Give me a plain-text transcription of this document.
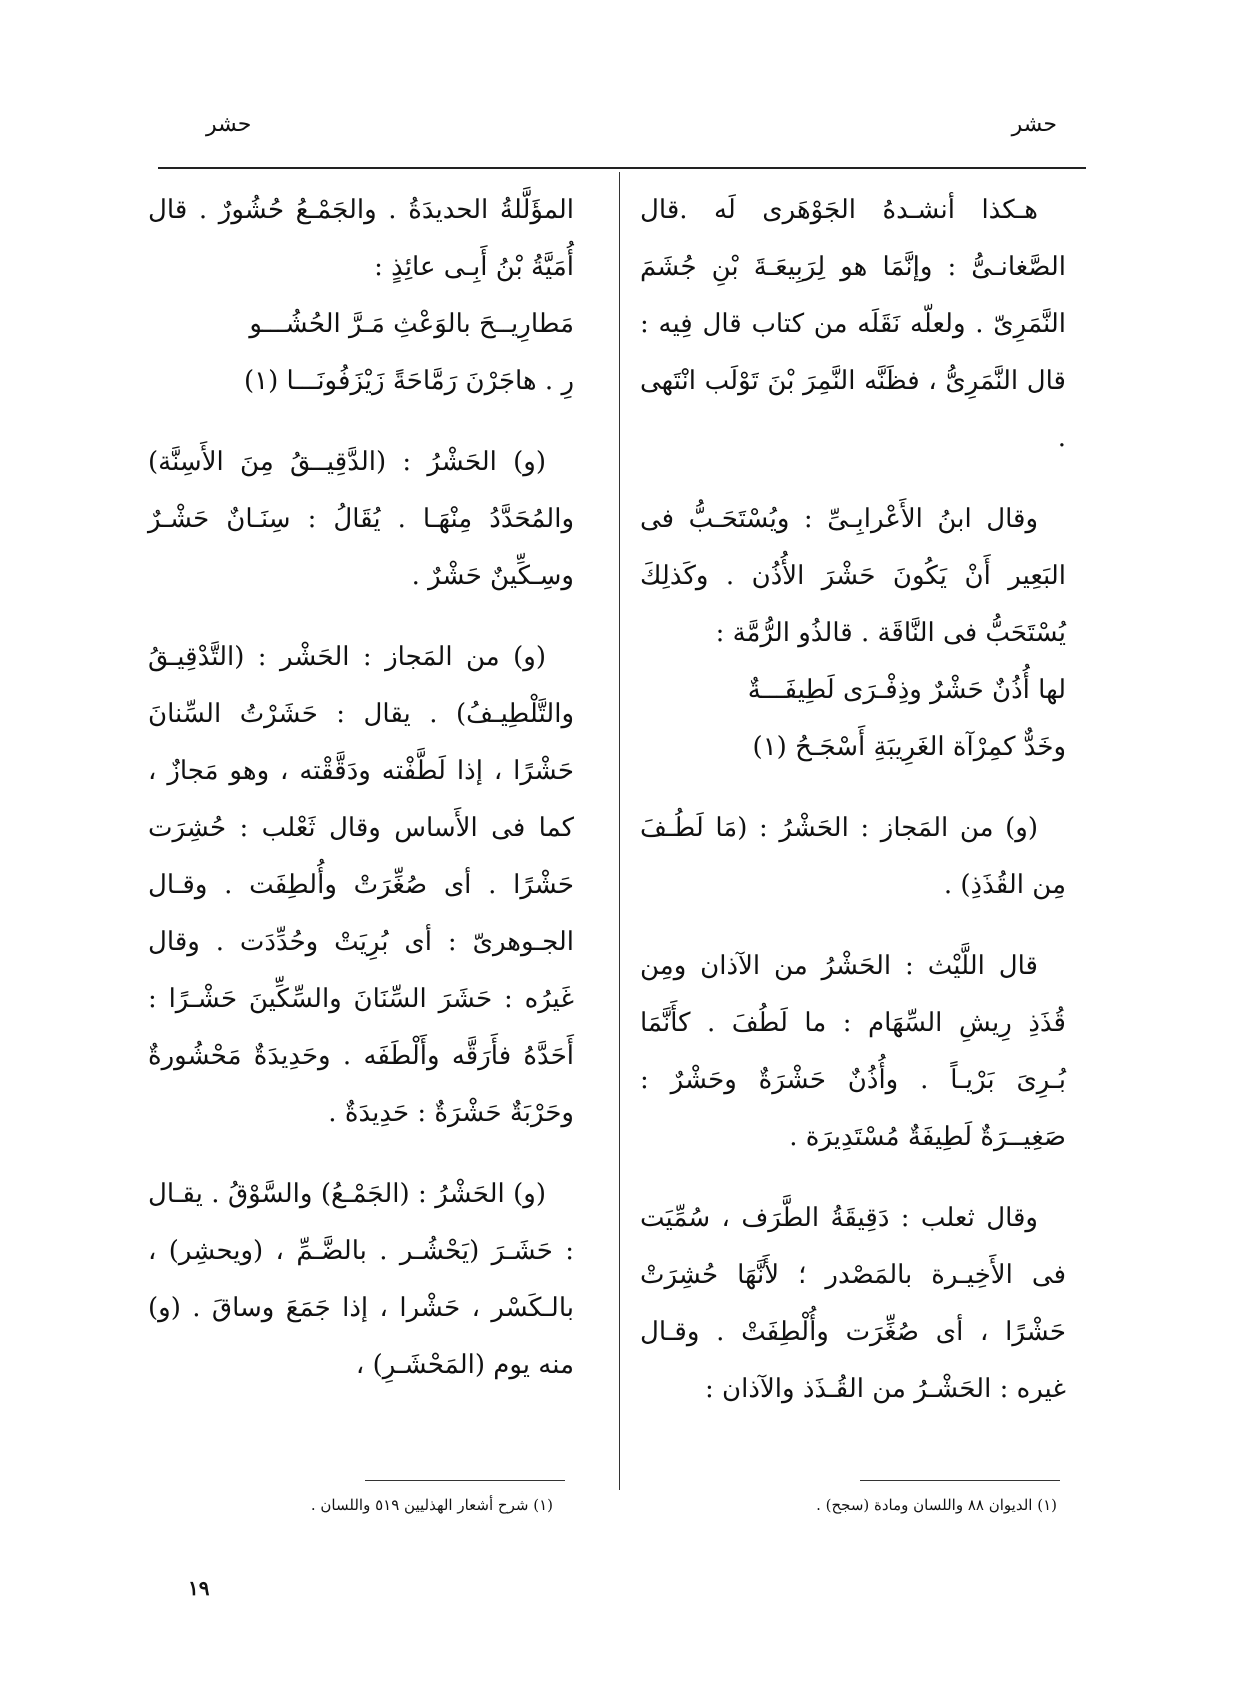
حشر
حشر

هـكذا أنشـدهُ الجَوْهَرى لَه .قال الصَّغانـىُّ : وإنَّمَا هو لِرَبِيعَـةَ بْنِ جُشَمَ النَّمَرِىّ . ولعلّه نَقَلَه من كتاب قال فِيه : قال النَّمَرِىُّ ، فظَنَّه النَّمِرَ بْنَ تَوْلَب انْتَهى .

وقال ابنُ الأَعْرابِـىِّ : ويُسْتَحَـبُّ فى البَعِير أَنْ يَكُونَ حَشْرَ الأُذُن . وكَذلِكَ يُسْتَحَبُّ فى النَّاقَة . قالذُو الرُّمَّة :

لها أُذُنٌ حَشْرٌ وذِفْـرَى لَطِيفَـــةٌ
وخَدٌّ كمِرْآة الغَرِيبَةِ أَسْجَـحُ (١)

(و) من المَجاز : الحَشْرُ : (مَا لَطُـفَ مِن القُذَذِ) .

قال اللَّيْث : الحَشْرُ من الآذان ومِن قُذَذِ رِيشِ السِّهَام : ما لَطُفَ . كأَنَّمَا بُـرِىَ بَرْيـاً . وأُذُنٌ حَشْرَةٌ وحَشْرٌ : صَغِيــرَةٌ لَطِيفَةٌ مُسْتَدِيرَة .

وقال ثعلب : دَقِيقَةُ الطَّرَف ، سُمِّيَت فى الأَخِيـرة بالمَصْدر ؛ لأَنَّهَا حُشِرَتْ حَشْرًا ، أى صُغِّرَت وأُلْطِفَتْ . وقـال غيره : الحَشْـرُ من القُـذَذ والآذان :

المؤَلَّلةُ الحديدَةُ . والجَمْـعُ حُشُورٌ . قال أُمَيَّةُ بْنُ أَبِـى عائِذٍ :

مَطارِيــحَ بالوَعْثِ مَـرَّ الحُشُـــو
رِ . هاجَرْنَ رَمَّاحَةً زَيْزَفُونَـــا (١)

(و) الحَشْرُ : (الدَّقِيــقُ مِنَ الأَسِنَّة) والمُحَدَّدُ مِنْهَـا . يُقَالُ : سِنَـانٌ حَشْـرٌ وسِـكِّينٌ حَشْرٌ .

(و) من المَجاز : الحَشْر : (التَّدْقِيـقُ والتَّلْطِيـفُ) . يقال : حَشَرْتُ السِّنانَ حَشْرًا ، إذا لَطَّفْته ودَقَّقْته ، وهو مَجازٌ ، كما فى الأَساس وقال ثَعْلب : حُشِرَت حَشْرًا . أى صُغِّرَتْ وأُلطِفَت . وقـال الجـوهرىّ : أى بُرِيَتْ وحُدِّدَت . وقال غَيرُه : حَشَرَ السِّنَانَ والسِّكِّينَ حَشْـرًا : أَحَدَّهُ فأَرَقَّه وأَلْطَفَه . وحَدِيدَةٌ مَحْشُورةٌ وحَرْبَةٌ حَشْرَةٌ : حَدِيدَةٌ .

(و) الحَشْرُ : (الجَمْـعُ) والسَّوْقُ . يقـال : حَشَـرَ (يَحْشُـر . بالضَّـمِّ ، (ويحشِر) ، بالـكَسْر ، حَشْرا ، إذا جَمَعَ وساقَ . (و) منه يوم (المَحْشَـرِ) ،

(١) الديوان ٨٨ واللسان ومادة (سجح) .
(١) شرح أشعار الهذليين ٥١٩ واللسان .
١٩
